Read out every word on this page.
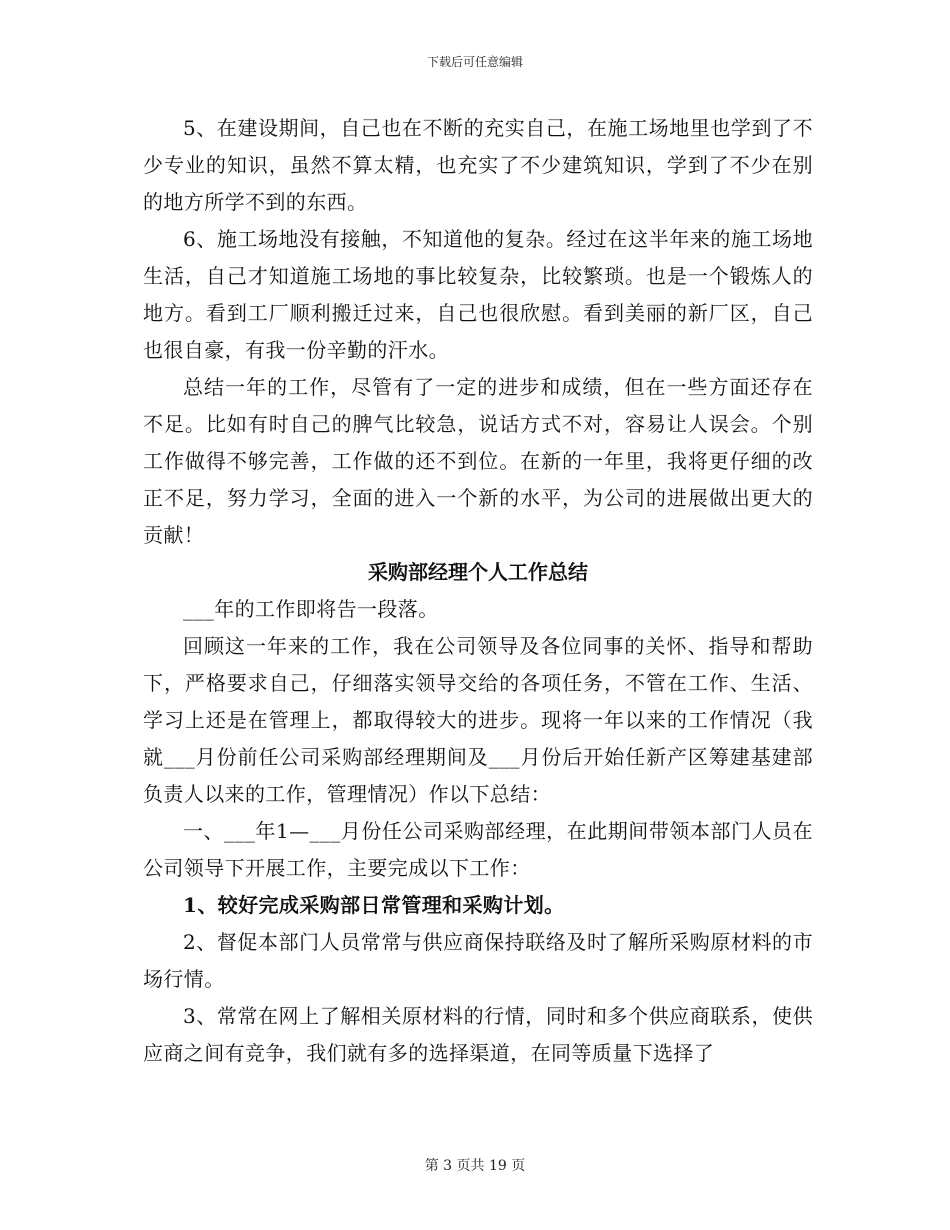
下载后可任意编辑

5、在建设期间，自己也在不断的充实自己，在施工场地里也学到了不少专业的知识，虽然不算太精，也充实了不少建筑知识，学到了不少在别的地方所学不到的东西。

6、施工场地没有接触，不知道他的复杂。经过在这半年来的施工场地生活，自己才知道施工场地的事比较复杂，比较繁琐。也是一个锻炼人的地方。看到工厂顺利搬迁过来，自己也很欣慰。看到美丽的新厂区，自己也很自豪，有我一份辛勤的汗水。

总结一年的工作，尽管有了一定的进步和成绩，但在一些方面还存在不足。比如有时自己的脾气比较急，说话方式不对，容易让人误会。个别工作做得不够完善，工作做的还不到位。在新的一年里，我将更仔细的改正不足，努力学习，全面的进入一个新的水平，为公司的进展做出更大的贡献！

采购部经理个人工作总结

___年的工作即将告一段落。

回顾这一年来的工作，我在公司领导及各位同事的关怀、指导和帮助下，严格要求自己，仔细落实领导交给的各项任务，不管在工作、生活、学习上还是在管理上，都取得较大的进步。现将一年以来的工作情况（我就___月份前任公司采购部经理期间及___月份后开始任新产区筹建基建部负责人以来的工作，管理情况）作以下总结：

一、___年1—___月份任公司采购部经理，在此期间带领本部门人员在公司领导下开展工作，主要完成以下工作：

1、较好完成采购部日常管理和采购计划。

2、督促本部门人员常常与供应商保持联络及时了解所采购原材料的市场行情。

3、常常在网上了解相关原材料的行情，同时和多个供应商联系，使供应商之间有竞争，我们就有多的选择渠道，在同等质量下选择了

第 3 页共 19 页
